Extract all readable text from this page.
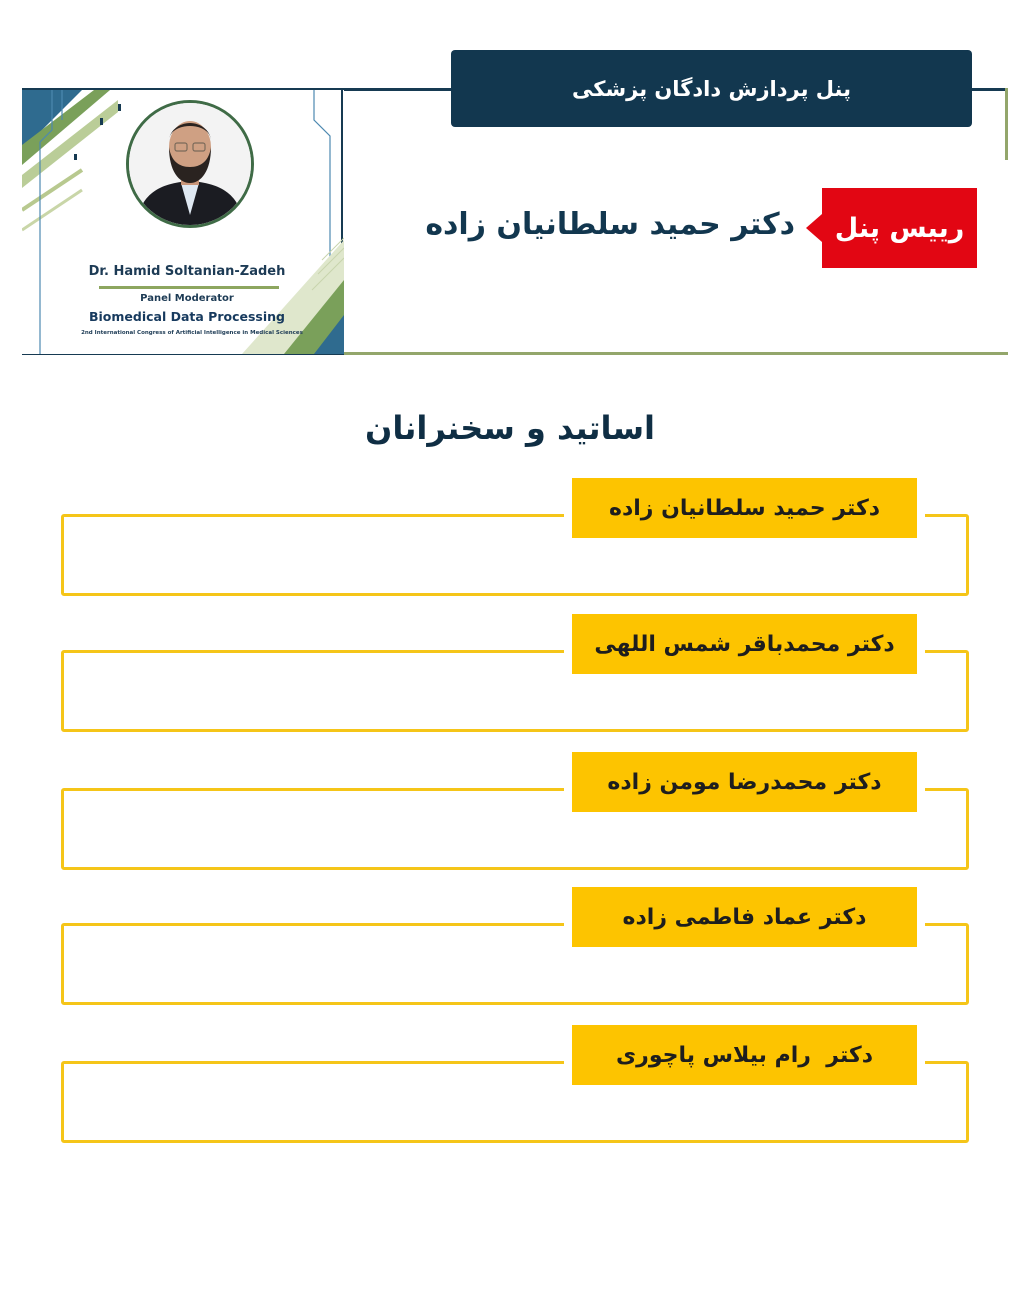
پنل پردازش دادگان پزشکی
Dr. Hamid Soltanian-Zadeh
Panel Moderator
Biomedical Data Processing
2nd International Congress of Artificial Intelligence in Medical Sciences
رییس پنل
دکتر حمید سلطانیان زاده
اساتید و سخنرانان
دکتر حمید سلطانیان زاده
دکتر محمدباقر شمس اللهی
دکتر محمدرضا مومن زاده
دکتر عماد فاطمی زاده
دکتر  رام بیلاس پاچوری
